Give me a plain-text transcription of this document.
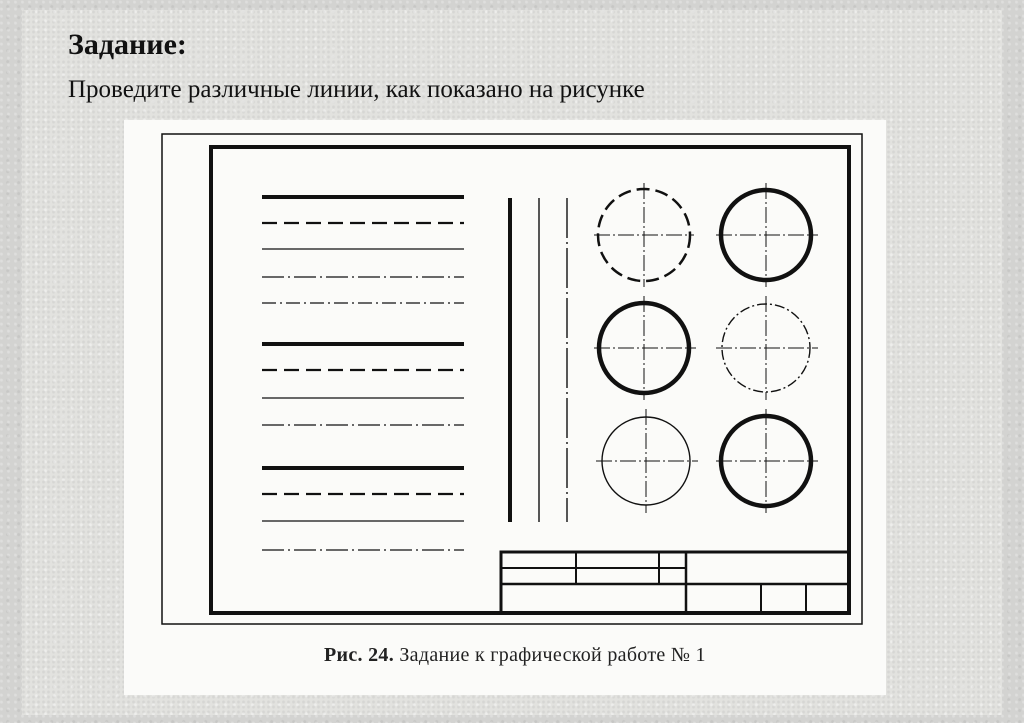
Задание:
Проведите различные линии, как показано на рисунке
Рис. 24. Задание к графической работе № 1
